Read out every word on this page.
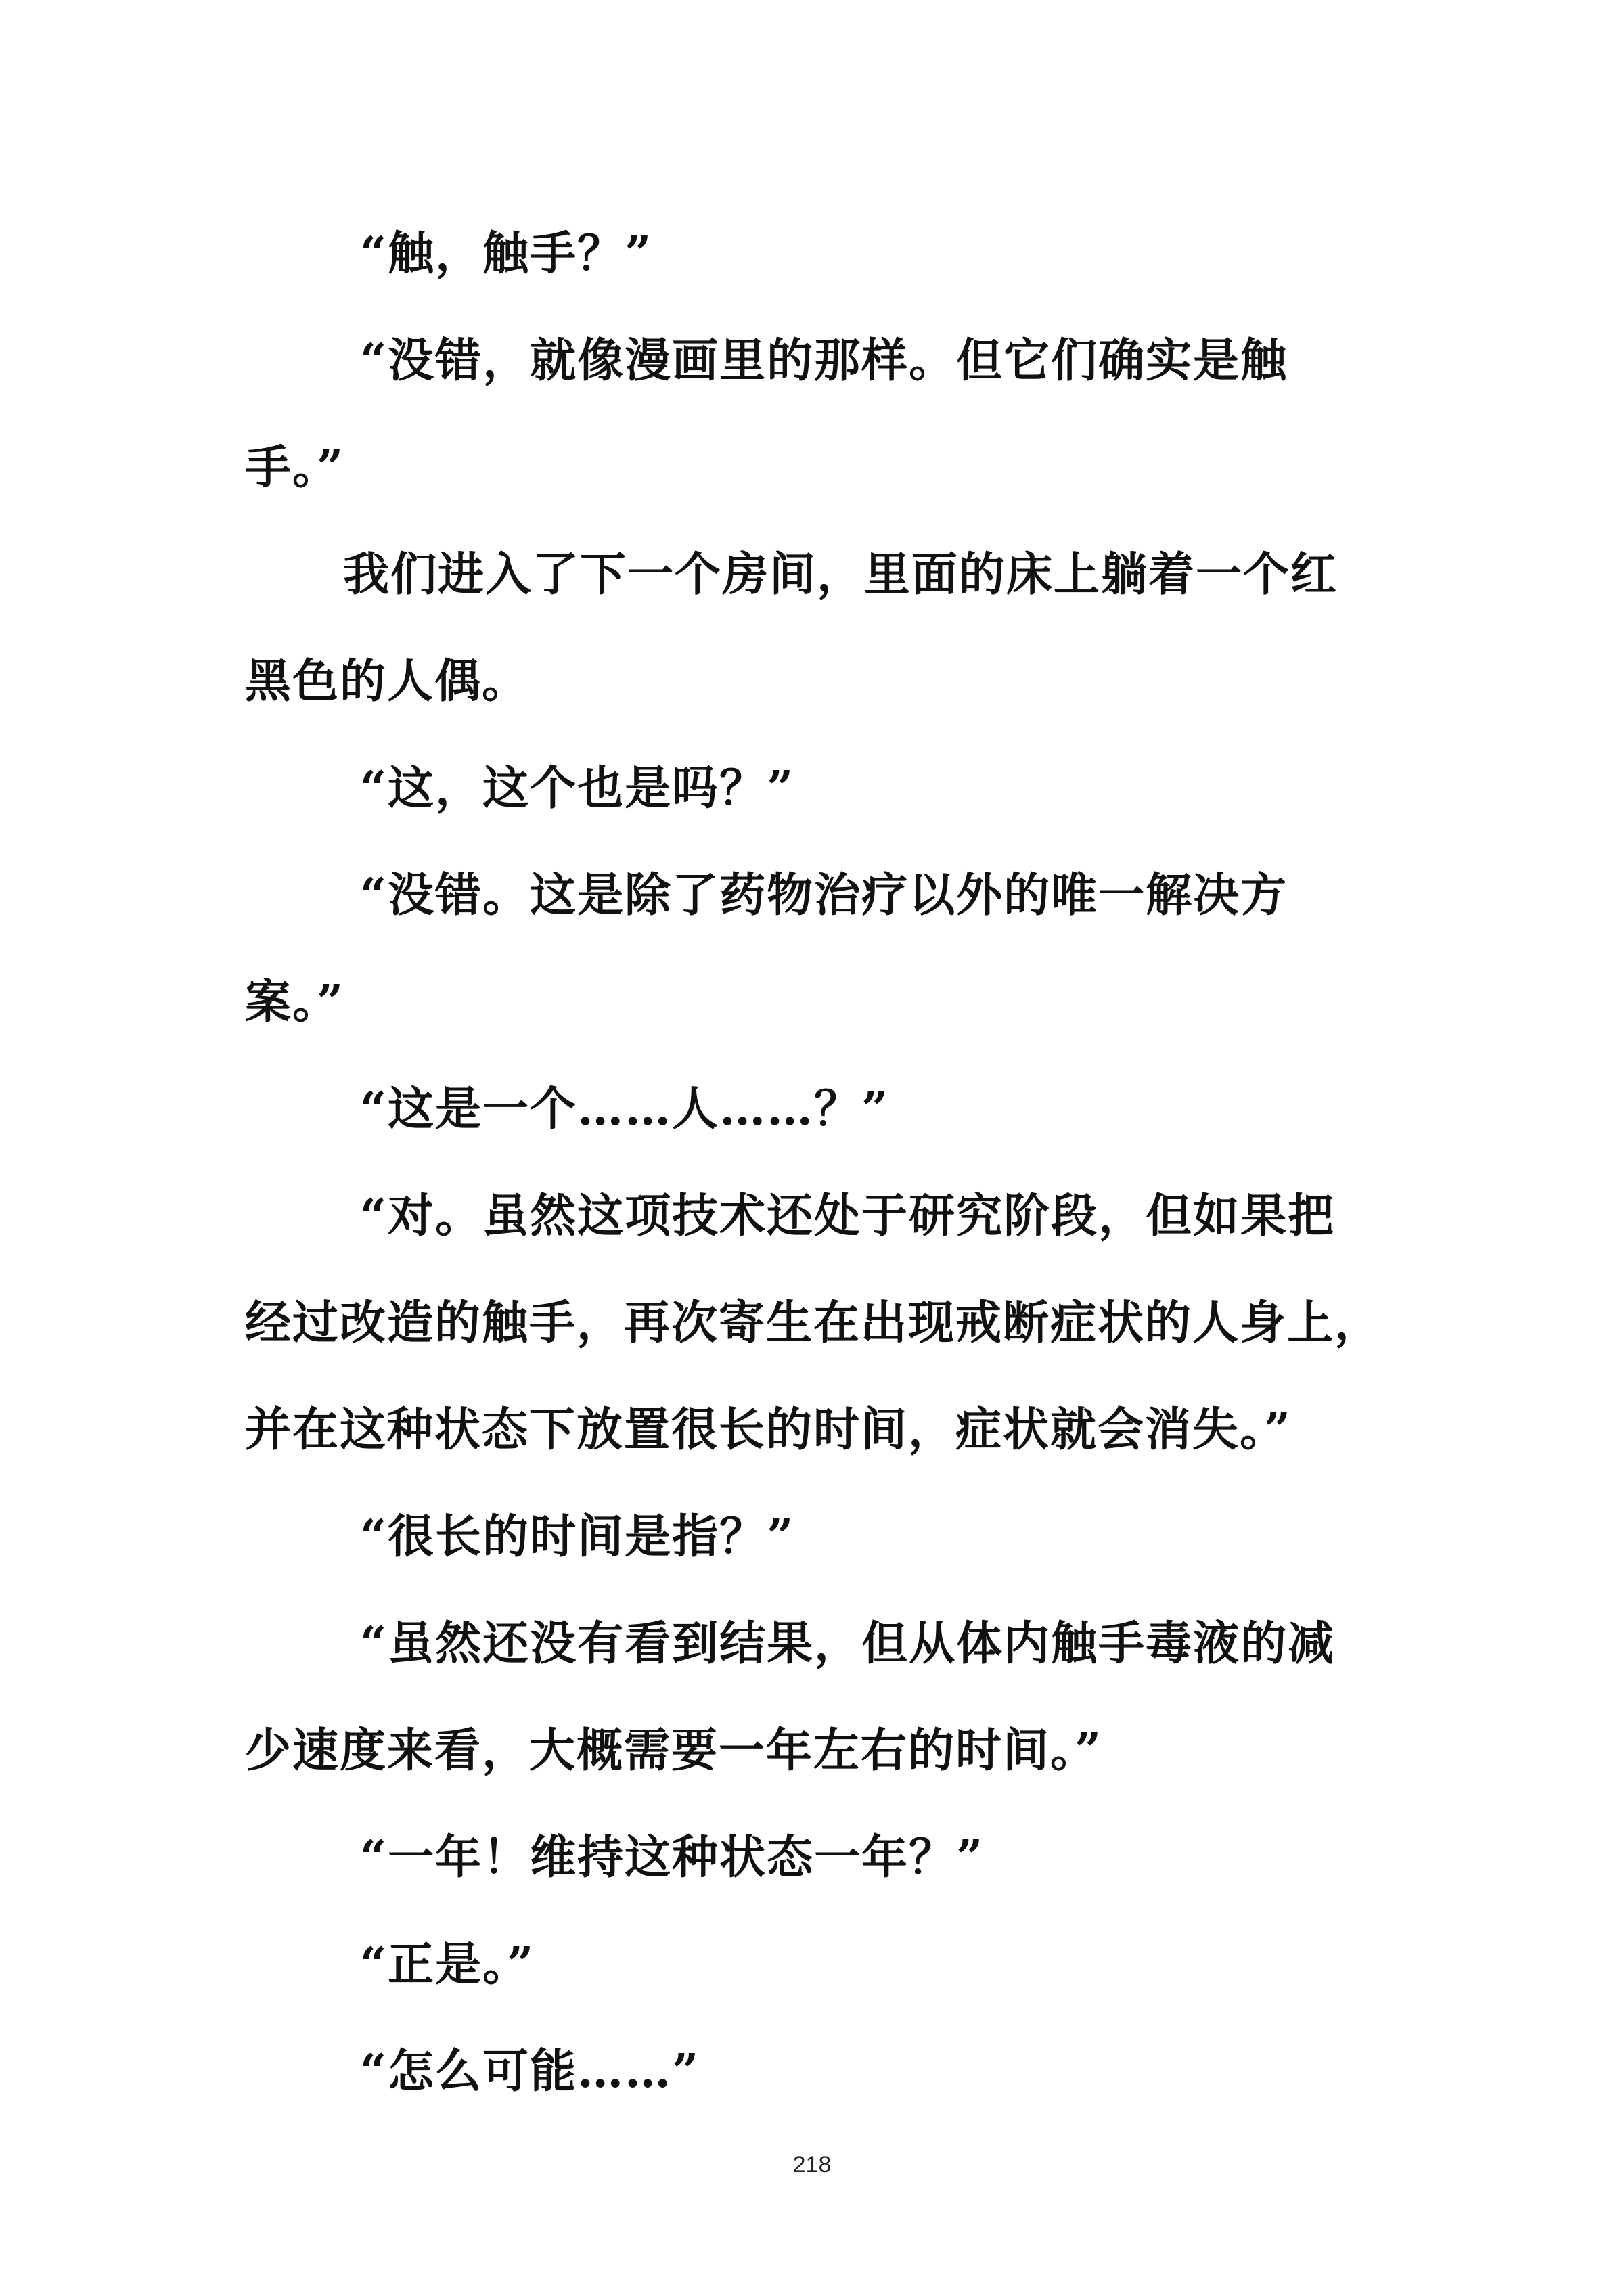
“触，触手？”
“没错，就像漫画里的那样。但它们确实是触
手。”
我们进入了下一个房间，里面的床上躺着一个红
黑色的人偶。
“这，这个也是吗？”
“没错。这是除了药物治疗以外的唯一解决方
案。”
“这是一个……人……？”
“对。虽然这项技术还处于研究阶段，但如果把
经过改造的触手，再次寄生在出现戒断症状的人身上，
并在这种状态下放置很长的时间，症状就会消失。”
“很长的时间是指？”
“虽然还没有看到结果，但从体内触手毒液的减
少速度来看，大概需要一年左右的时间。”
“一年！维持这种状态一年？”
“正是。”
“怎么可能……”
218
